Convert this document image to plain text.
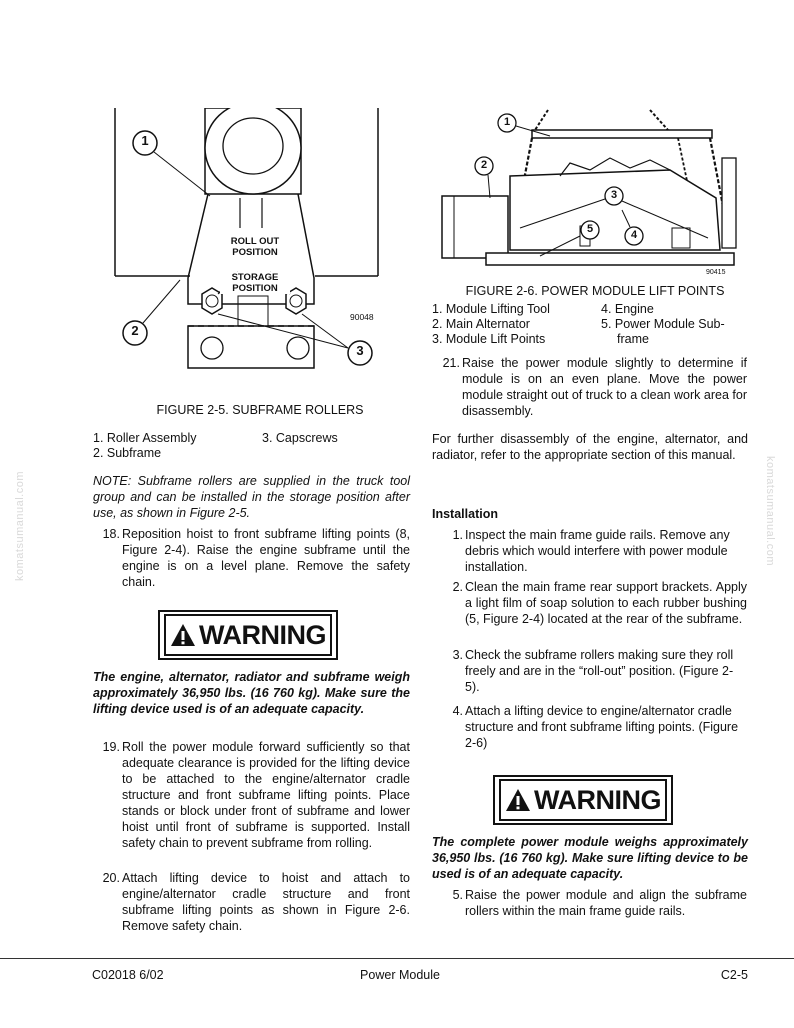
1
2
3
ROLL OUT
POSITION
STORAGE
POSITION
90048
FIGURE 2-5. SUBFRAME ROLLERS
1. Roller Assembly
2. Subframe
3. Capscrews
NOTE: Subframe rollers are supplied in the truck tool group and can be installed in the storage position after use, as shown in Figure 2-5.
18. Reposition hoist to front subframe lifting points (8, Figure 2-4). Raise the engine subframe until the engine is on a level plane. Remove the safety chain.
WARNING
The engine, alternator, radiator and subframe weigh approximately 36,950 lbs. (16 760 kg). Make sure the lifting device used is of an adequate capacity.
19. Roll the power module forward sufficiently so that adequate clearance is provided for the lifting device to be attached to the engine/alternator cradle structure and front subframe lifting points. Place stands or block under front of subframe and lower hoist until front of subframe is supported. Install safety chain to prevent subframe from rolling.
20. Attach lifting device to hoist and attach to engine/alternator cradle structure and front subframe lifting points as shown in Figure 2-6. Remove safety chain.
1
2
3
4
5
90415
FIGURE 2-6. POWER MODULE LIFT POINTS
1. Module Lifting Tool
2. Main Alternator
3. Module Lift Points
4. Engine
5. Power Module Sub-
frame
21. Raise the power module slightly to determine if module is on an even plane. Move the power module straight out of truck to a clean work area for disassembly.
For further disassembly of the engine, alternator, and radiator, refer to the appropriate section of this manual.
Installation
1. Inspect the main frame guide rails. Remove any debris which would interfere with power module installation.
2. Clean the main frame rear support brackets. Apply a light film of soap solution to each rubber bushing (5, Figure 2-4) located at the rear of the subframe.
3. Check the subframe rollers making sure they roll freely and are in the “roll-out” position. (Figure 2-5).
4. Attach a lifting device to engine/alternator cradle structure and front subframe lifting points. (Figure 2-6)
WARNING
The complete power module weighs approximately 36,950 lbs. (16 760 kg). Make sure lifting device to be used is of an adequate capacity.
5. Raise the power module and align the subframe rollers within the main frame guide rails.
komatsumanual.com	komatsumanual.com
C02018 6/02	Power Module	C2-5
